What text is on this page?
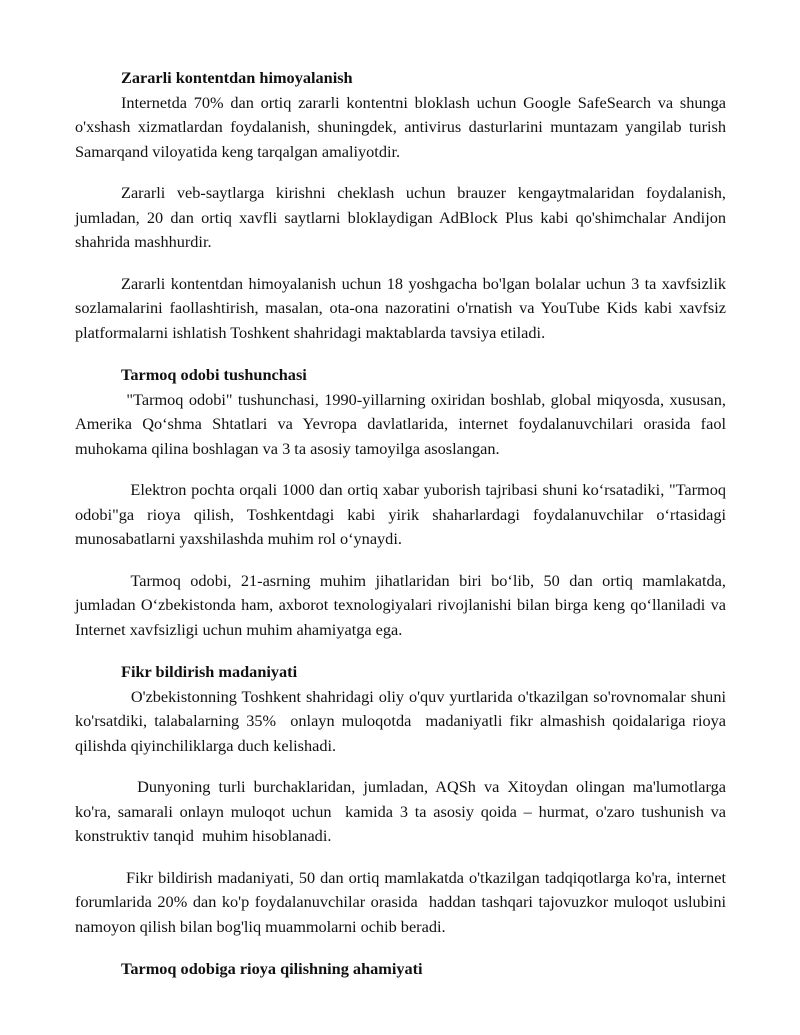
Zararli kontentdan himoyalanish

Internetda 70% dan ortiq zararli kontentni bloklash uchun Google SafeSearch va shunga o'xshash xizmatlardan foydalanish, shuningdek, antivirus dasturlarini muntazam yangilab turish Samarqand viloyatida keng tarqalgan amaliyotdir.

Zararli veb-saytlarga kirishni cheklash uchun brauzer kengaytmalaridan foydalanish, jumladan, 20 dan ortiq xavfli saytlarni bloklaydigan AdBlock Plus kabi qo'shimchalar Andijon shahrida mashhurdir.

Zararli kontentdan himoyalanish uchun 18 yoshgacha bo'lgan bolalar uchun 3 ta xavfsizlik sozlamalarini faollashtirish, masalan, ota-ona nazoratini o'rnatish va YouTube Kids kabi xavfsiz platformalarni ishlatish Toshkent shahridagi maktablarda tavsiya etiladi.

Tarmoq odobi tushunchasi

"Tarmoq odobi" tushunchasi, 1990-yillarning oxiridan boshlab, global miqyosda, xususan, Amerika Qo‘shma Shtatlari va Yevropa davlatlarida, internet foydalanuvchilari orasida faol muhokama qilina boshlagan va 3 ta asosiy tamoyilga asoslangan.

Elektron pochta orqali 1000 dan ortiq xabar yuborish tajribasi shuni ko‘rsatadiki, "Tarmoq odobi"ga rioya qilish, Toshkentdagi kabi yirik shaharlardagi foydalanuvchilar o‘rtasidagi munosabatlarni yaxshilashda muhim rol o‘ynaydi.

Tarmoq odobi, 21-asrning muhim jihatlaridan biri bo‘lib, 50 dan ortiq mamlakatda, jumladan O‘zbekistonda ham, axborot texnologiyalari rivojlanishi bilan birga keng qo‘llaniladi va Internet xavfsizligi uchun muhim ahamiyatga ega.

Fikr bildirish madaniyati

O'zbekistonning Toshkent shahridagi oliy o'quv yurtlarida o'tkazilgan so'rovnomalar shuni ko'rsatdiki, talabalarning 35%  onlayn muloqotda  madaniyatli fikr almashish qoidalariga rioya qilishda qiyinchiliklarga duch kelishadi.

Dunyoning turli burchaklaridan, jumladan, AQSh va Xitoydan olingan ma'lumotlarga ko'ra, samarali onlayn muloqot uchun  kamida 3 ta asosiy qoida – hurmat, o'zaro tushunish va konstruktiv tanqid  muhim hisoblanadi.

Fikr bildirish madaniyati, 50 dan ortiq mamlakatda o'tkazilgan tadqiqotlarga ko'ra, internet forumlarida 20% dan ko'p foydalanuvchilar orasida  haddan tashqari tajovuzkor muloqot uslubini namoyon qilish bilan bog'liq muammolarni ochib beradi.

Tarmoq odobiga rioya qilishning ahamiyati
